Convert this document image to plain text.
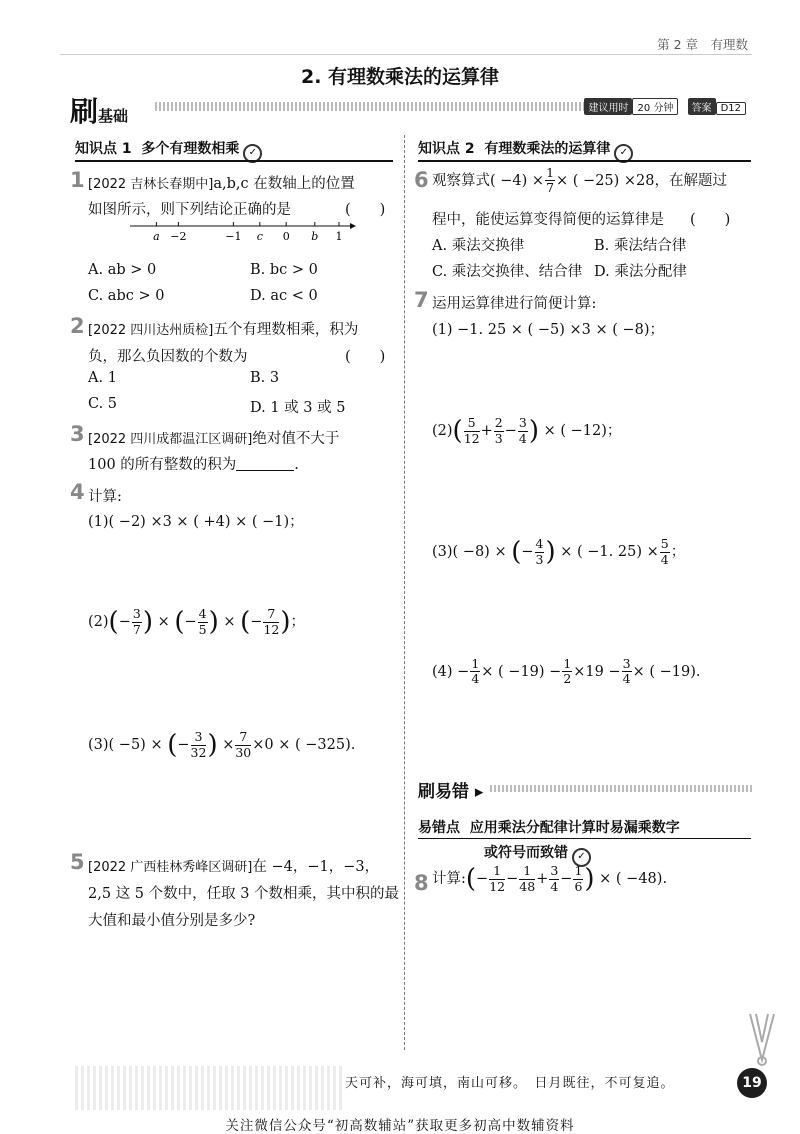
第 2 章　有理数
2. 有理数乘法的运算律
刷基础	建议用时 20 分钟 答案 D12
知识点 1 多个有理数相乘 ✓
1 [2022 吉林长春期中]a,b,c 在数轴上的位置
如图所示，则下列结论正确的是	(　　)
a −2	−1 c 0 b 1
A. ab > 0	B. bc > 0
C. abc > 0	D. ac < 0
2 [2022 四川达州质检]五个有理数相乘，积为
负，那么负因数的个数为	(　　)
A. 1	B. 3
C. 5	D. 1 或 3 或 5
3 [2022 四川成都温江区调研]绝对值不大于
100 的所有整数的积为	.
4 计算:
(1)( −2) ×3 × ( +4) × ( −1)；
$(2)(- \frac{3}{7}$ ) × (− $\frac{4}{5}$ ) × (− $\frac{7}{12}$ )；
(3)( −5) × (− $\frac{3}{32}$ ) × $\frac{7}{30} \times 0$ × ( −325).
5 [2022 广西桂林秀峰区调研]在 −4，−1，−3，
2,5 这 5 个数中，任取 3 个数相乘，其中积的最
大值和最小值分别是多少?
知识点 2 有理数乘法的运算律 ✓
6 观察算式( $-4) \times \frac{1}{7}$ × ( −25) ×28，在解题过
程中，能使运算变得简便的运算律是 (　　)
A. 乘法交换律	B. 乘法结合律
C. 乘法交换律、结合律 D. 乘法分配律
7 运用运算律进行简便计算:
(1) −1. 25 × ( −5) ×3 × ( −8)；
$(2)( \frac{5}{12} + \frac{2}{3} - \frac{3}{4}$ ) × ( −12)；
(3)( −8) × (− $\frac{4}{3}$ ) × ( −1. $25) \times \frac{5}{4}$ ；
$(4) - \frac{1}{4}$ × ( $-19) - \frac{1}{2} \times 19 - \frac{3}{4}$ × ( −19).
刷易错 ▸
易错点 应用乘法分配律计算时易漏乘数字
或符号而致错 ✓
8 计算:(− $\frac{1}{12} - \frac{1}{48} + \frac{3}{4} - \frac{1}{6}$ ) × ( −48).
天可补，海可填，南山可移。　日月既往，不可复追。	19
关注微信公众号“初高数辅站”获取更多初高中数辅资料
